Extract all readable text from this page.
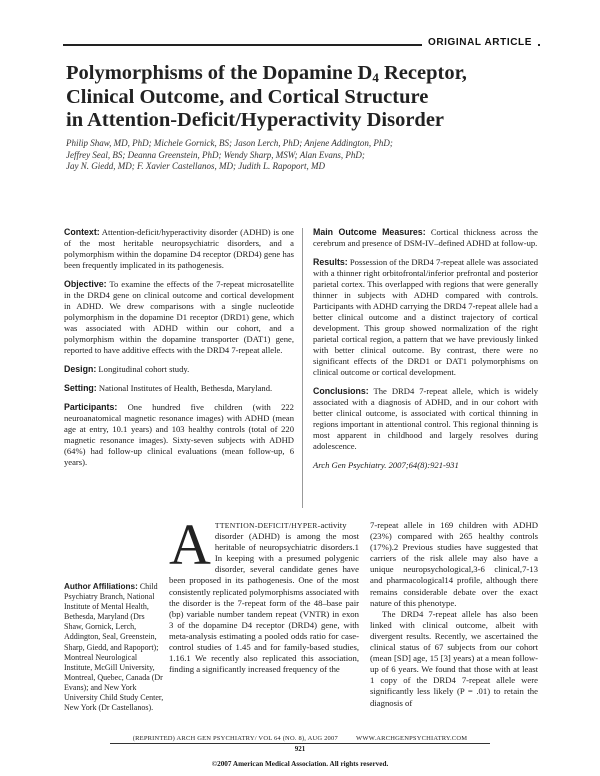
ORIGINAL ARTICLE
Polymorphisms of the Dopamine $D_4$ Receptor,
Clinical Outcome, and Cortical Structure
in Attention-Deficit/Hyperactivity Disorder
Philip Shaw, MD, PhD; Michele Gornick, BS; Jason Lerch, PhD; Anjene Addington, PhD;
Jeffrey Seal, BS; Deanna Greenstein, PhD; Wendy Sharp, MSW; Alan Evans, PhD;
Jay N. Giedd, MD; F. Xavier Castellanos, MD; Judith L. Rapoport, MD

Context: Attention-deficit/hyperactivity disorder (ADHD) is one of the most heritable neuropsychiatric disorders, and a polymorphism within the dopamine D4 receptor (DRD4) gene has been frequently implicated in its pathogenesis.

Objective: To examine the effects of the 7-repeat microsatellite in the DRD4 gene on clinical outcome and cortical development in ADHD. We drew comparisons with a single nucleotide polymorphism in the dopamine D1 receptor (DRD1) gene, which was associated with ADHD within our cohort, and a polymorphism within the dopamine transporter (DAT1) gene, reported to have additive effects with the DRD4 7-repeat allele.

Design: Longitudinal cohort study.

Setting: National Institutes of Health, Bethesda, Maryland.

Participants: One hundred five children (with 222 neuroanatomical magnetic resonance images) with ADHD (mean age at entry, 10.1 years) and 103 healthy controls (total of 220 magnetic resonance images). Sixty-seven subjects with ADHD (64%) had follow-up clinical evaluations (mean follow-up, 6 years).

Main Outcome Measures: Cortical thickness across the cerebrum and presence of DSM-IV–defined ADHD at follow-up.

Results: Possession of the DRD4 7-repeat allele was associated with a thinner right orbitofrontal/inferior prefrontal and posterior parietal cortex. This overlapped with regions that were generally thinner in subjects with ADHD compared with controls. Participants with ADHD carrying the DRD4 7-repeat allele had a better clinical outcome and a distinct trajectory of cortical development. This group showed normalization of the right parietal cortical region, a pattern that we have previously linked with better clinical outcome. By contrast, there were no significant effects of the DRD1 or DAT1 polymorphisms on clinical outcome or cortical development.

Conclusions: The DRD4 7-repeat allele, which is widely associated with a diagnosis of ADHD, and in our cohort with better clinical outcome, is associated with cortical thinning in regions important in attentional control. This regional thinning is most apparent in childhood and largely resolves during adolescence.

Arch Gen Psychiatry. 2007;64(8):921-931

Author Affiliations: Child Psychiatry Branch, National Institute of Mental Health, Bethesda, Maryland (Drs Shaw, Gornick, Lerch, Addington, Seal, Greenstein, Sharp, Giedd, and Rapoport); Montreal Neurological Institute, McGill University, Montreal, Quebec, Canada (Dr Evans); and New York University Child Study Center, New York (Dr Castellanos).

A TTENTION-DEFICIT/HYPER-activity disorder (ADHD) is among the most heritable of neuropsychiatric disorders.1 In keeping with a presumed polygenic disorder, several candidate genes have been proposed in its pathogenesis. One of the most consistently replicated polymorphisms associated with the disorder is the 7-repeat form of the 48–base pair (bp) variable number tandem repeat (VNTR) in exon 3 of the dopamine D4 receptor (DRD4) gene, with meta-analysis estimating a pooled odds ratio for case-control studies of 1.45 and for family-based studies, 1.16.1 We recently also replicated this association, finding a significantly increased frequency of the

7-repeat allele in 169 children with ADHD (23%) compared with 265 healthy controls (17%).2 Previous studies have suggested that carriers of the risk allele may also have a unique neuropsychological,3-6 clinical,7-13 and pharmacological14 profile, although there remains considerable debate over the exact nature of this phenotype.

The DRD4 7-repeat allele has also been linked with clinical outcome, albeit with divergent results. Recently, we ascertained the clinical status of 67 subjects from our cohort (mean [SD] age, 15 [3] years) at a mean follow-up of 6 years. We found that those with at least 1 copy of the DRD4 7-repeat allele were significantly less likely (P = .01) to retain the diagnosis of

(REPRINTED) ARCH GEN PSYCHIATRY/ VOL 64 (NO. 8), AUG 2007          WWW.ARCHGENPSYCHIATRY.COM
921
©2007 American Medical Association. All rights reserved.
